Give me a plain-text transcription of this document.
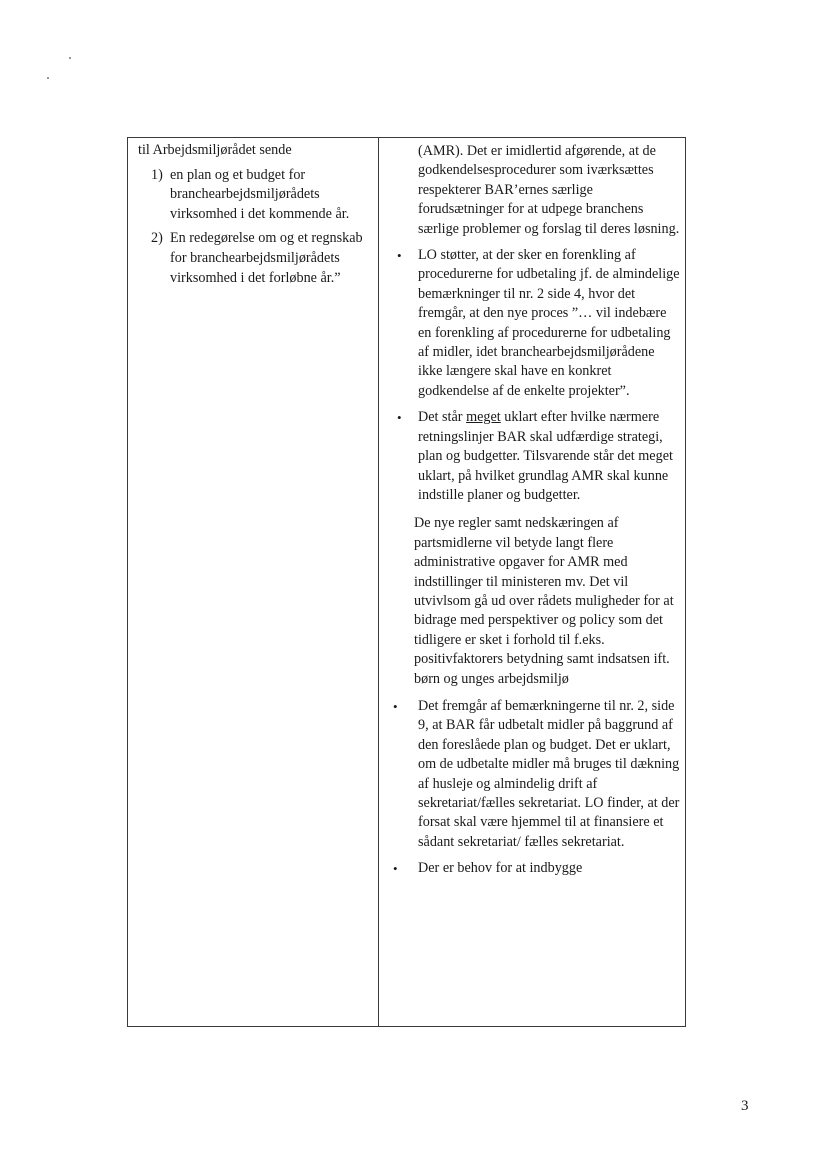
til Arbejdsmiljørådet sende
1) en plan og et budget for branchearbejdsmiljørådets virksomhed i det kommende år.
2) En redegørelse om og et regnskab for branchearbejdsmiljørådets virksomhed i det forløbne år.”
(AMR). Det er imidlertid afgørende, at de godkendelsesprocedurer som iværksættes respekterer BAR’ernes særlige forudsætninger for at udpege branchens særlige problemer og forslag til deres løsning.
• LO støtter, at der sker en forenkling af procedurerne for udbetaling jf. de almindelige bemærkninger til nr. 2 side 4, hvor det fremgår, at den nye proces ”… vil indebære en forenkling af procedurerne for udbetaling af midler, idet branchearbejdsmiljørådene ikke længere skal have en konkret godkendelse af de enkelte projekter”.
• Det står meget uklart efter hvilke nærmere retningslinjer BAR skal udfærdige strategi, plan og budgetter. Tilsvarende står det meget uklart, på hvilket grundlag AMR skal kunne indstille planer og budgetter.
De nye regler samt nedskæringen af partsmidlerne vil betyde langt flere administrative opgaver for AMR med indstillinger til ministeren mv. Det vil utvivlsom gå ud over rådets muligheder for at bidrage med perspektiver og policy som det tidligere er sket i forhold til f.eks. positivfaktorers betydning samt indsatsen ift. børn og unges arbejdsmiljø
• Det fremgår af bemærkningerne til nr. 2, side 9, at BAR får udbetalt midler på baggrund af den foreslåede plan og budget. Det er uklart, om de udbetalte midler må bruges til dækning af husleje og almindelig drift af sekretariat/fælles sekretariat. LO finder, at der forsat skal være hjemmel til at finansiere et sådant sekretariat/ fælles sekretariat.
• Der er behov for at indbygge
3
